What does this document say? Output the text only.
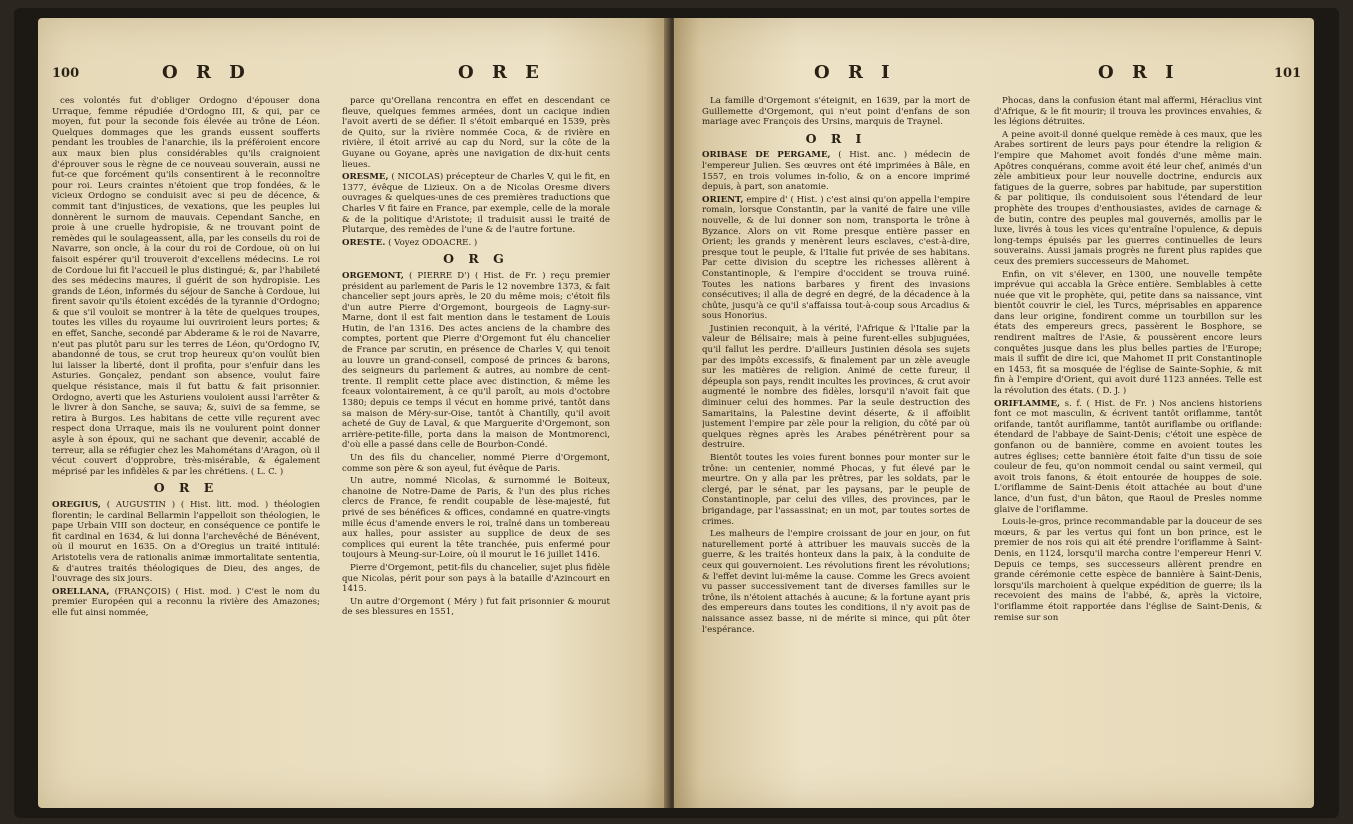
100	O R D	O R E

ces volontés fut d'obliger Ordogno d'épouser dona Urraque, femme répudiée d'Ordogno III, & qui, par ce moyen, fut pour la seconde fois élevée au trône de Léon. Quelques dommages que les grands eussent soufferts pendant les troubles de l'anarchie, ils la préféroient encore aux maux bien plus considérables qu'ils craignoient d'éprouver sous le règne de ce nouveau souverain, aussi ne fut-ce que forcément qu'ils consentirent à le reconnoître pour roi. Leurs craintes n'étoient que trop fondées, & le vicieux Ordogno se conduisit avec si peu de décence, & commit tant d'injustices, de vexations, que les peuples lui donnèrent le surnom de mauvais. Cependant Sanche, en proie à une cruelle hydropisie, & ne trouvant point de remèdes qui le soulageassent, alla, par les conseils du roi de Navarre, son oncle, à la cour du roi de Cordoue, où on lui faisoit espérer qu'il trouveroit d'excellens médecins. Le roi de Cordoue lui fit l'accueil le plus distingué; &, par l'habileté des ses médecins maures, il guérit de son hydropisie. Les grands de Léon, informés du séjour de Sanche à Cordoue, lui firent savoir qu'ils étoient excédés de la tyrannie d'Ordogno; & que s'il vouloit se montrer à la tête de quelques troupes, toutes les villes du royaume lui ouvriroient leurs portes; & en effet, Sanche, secondé par Abderame & le roi de Navarre, n'eut pas plutôt paru sur les terres de Léon, qu'Ordogno IV, abandonné de tous, se crut trop heureux qu'on voulût bien lui laisser la liberté, dont il profita, pour s'enfuir dans les Asturies. Gonçalez, pendant son absence, voulut faire quelque résistance, mais il fut battu & fait prisonnier. Ordogno, averti que les Asturiens vouloient aussi l'arrêter & le livrer à don Sanche, se sauva; &, suivi de sa femme, se retira à Burgos. Les habitans de cette ville reçurent avec respect dona Urraque, mais ils ne voulurent point donner asyle à son époux, qui ne sachant que devenir, accablé de terreur, alla se réfugier chez les Mahométans d'Aragon, où il vécut couvert d'opprobre, très-misérable, & également méprisé par les infidèles & par les chrétiens. ( L. C. )

O R E

OREGIUS, ( AUGUSTIN ) ( Hist. litt. mod. ) théologien florentin; le cardinal Bellarmin l'appelloit son théologien, le pape Urbain VIII son docteur, en conséquence ce pontife le fit cardinal en 1634, & lui donna l'archevêché de Bénévent, où il mourut en 1635. On a d'Oregius un traité intitulé: Aristotelis vera de rationalis animæ immortalitate sententia, & d'autres traités théologiques de Dieu, des anges, de l'ouvrage des six jours.

ORELLANA, (FRANÇOIS) ( Hist. mod. ) C'est le nom du premier Européen qui a reconnu la rivière des Amazones; elle fut ainsi nommée,

parce qu'Orellana rencontra en effet en descendant ce fleuve, quelques femmes armées, dont un cacique indien l'avoit averti de se défier. Il s'étoit embarqué en 1539, près de Quito, sur la rivière nommée Coca, & de rivière en rivière, il étoit arrivé au cap du Nord, sur la côte de la Guyane ou Goyane, après une navigation de dix-huit cents lieues.

ORESME, ( NICOLAS) précepteur de Charles V, qui le fit, en 1377, évêque de Lizieux. On a de Nicolas Oresme divers ouvrages & quelques-unes de ces premières traductions que Charles V fit faire en France, par exemple, celle de la morale & de la politique d'Aristote; il traduisit aussi le traité de Plutarque, des remèdes de l'une & de l'autre fortune.

ORESTE. ( Voyez ODOACRE. )

O R G

ORGEMONT, ( PIERRE D') ( Hist. de Fr. ) reçu premier président au parlement de Paris le 12 novembre 1373, & fait chancelier sept jours après, le 20 du même mois; c'étoit fils d'un autre Pierre d'Orgemont, bourgeois de Lagny-sur-Marne, dont il est fait mention dans le testament de Louis Hutin, de l'an 1316. Des actes anciens de la chambre des comptes, portent que Pierre d'Orgemont fut élu chancelier de France par scrutin, en présence de Charles V, qui tenoit au louvre un grand-conseil, composé de princes & barons, des seigneurs du parlement & autres, au nombre de cent-trente. Il remplit cette place avec distinction, & même les fceaux volontairement, à ce qu'il paroît, au mois d'octobre 1380; depuis ce temps il vécut en homme privé, tantôt dans sa maison de Méry-sur-Oise, tantôt à Chantilly, qu'il avoit acheté de Guy de Laval, & que Marguerite d'Orgemont, son arrière-petite-fille, porta dans la maison de Montmorenci, d'où elle a passé dans celle de Bourbon-Condé.

Un des fils du chancelier, nommé Pierre d'Orgemont, comme son père & son ayeul, fut évêque de Paris.

Un autre, nommé Nicolas, & surnommé le Boiteux, chanoine de Notre-Dame de Paris, & l'un des plus riches clercs de France, fe rendit coupable de lèse-majesté, fut privé de ses bénéfices & offices, condamné en quatre-vingts mille écus d'amende envers le roi, traîné dans un tombereau aux halles, pour assister au supplice de deux de ses complices qui eurent la tête tranchée, puis enfermé pour toujours à Meung-sur-Loire, où il mourut le 16 juillet 1416.

Pierre d'Orgemont, petit-fils du chancelier, sujet plus fidèle que Nicolas, périt pour son pays à la bataille d'Azincourt en 1415.

Un autre d'Orgemont ( Méry ) fut fait prisonnier & mourut de ses blessures en 1551,

O R I	O R I	101

La famille d'Orgemont s'éteignit, en 1639, par la mort de Guillemette d'Orgemont, qui n'eut point d'enfans de son mariage avec François des Ursins, marquis de Traynel.

O R I

ORIBASE DE PERGAME, ( Hist. anc. ) médecin de l'empereur Julien. Ses œuvres ont été imprimées à Bâle, en 1557, en trois volumes in-folio, & on a encore imprimé depuis, à part, son anatomie.

ORIENT, empire d' ( Hist. ) c'est ainsi qu'on appella l'empire romain, lorsque Constantin, par la vanité de faire une ville nouvelle, & de lui donner son nom, transporta le trône à Byzance. Alors on vit Rome presque entière passer en Orient; les grands y menèrent leurs esclaves, c'est-à-dire, presque tout le peuple, & l'Italie fut privée de ses habitans. Par cette division du sceptre les richesses allèrent à Constantinople, & l'empire d'occident se trouva ruiné. Toutes les nations barbares y firent des invasions consécutives; il alla de degré en degré, de la décadence à la chûte, jusqu'à ce qu'il s'affaissa tout-à-coup sous Arcadius & sous Honorius.

Justinien reconquit, à la vérité, l'Afrique & l'Italie par la valeur de Bélisaire; mais à peine furent-elles subjuguées, qu'il fallut les perdre. D'ailleurs Justinien désola ses sujets par des impôts excessifs, & finalement par un zèle aveugle sur les matières de religion. Animé de cette fureur, il dépeupla son pays, rendit incultes les provinces, & crut avoir augmenté le nombre des fidèles, lorsqu'il n'avoit fait que diminuer celui des hommes. Par la seule destruction des Samaritains, la Palestine devint déserte, & il affoiblit justement l'empire par zèle pour la religion, du côté par où quelques règnes après les Arabes pénétrèrent pour sa destruire.

Bientôt toutes les voies furent bonnes pour monter sur le trône: un centenier, nommé Phocas, y fut élevé par le meurtre. On y alla par les prêtres, par les soldats, par le clergé, par le sénat, par les paysans, par le peuple de Constantinople, par celui des villes, des provinces, par le brigandage, par l'assassinat; en un mot, par toutes sortes de crimes.

Les malheurs de l'empire croissant de jour en jour, on fut naturellement porté à attribuer les mauvais succès de la guerre, & les traités honteux dans la paix, à la conduite de ceux qui gouvernoient. Les révolutions firent les révolutions; & l'effet devint lui-même la cause. Comme les Grecs avoient vu passer successivement tant de diverses familles sur le trône, ils n'étoient attachés à aucune; & la fortune ayant pris des empereurs dans toutes les conditions, il n'y avoit pas de naissance assez basse, ni de mérite si mince, qui pût ôter l'espérance.

Phocas, dans la confusion étant mal affermi, Héraclius vint d'Afrique, & le fit mourir; il trouva les provinces envahies, & les légions détruites.

A peine avoit-il donné quelque remède à ces maux, que les Arabes sortirent de leurs pays pour étendre la religion & l'empire que Mahomet avoit fondés d'une même main. Apôtres conquérans, comme avoit été leur chef, animés d'un zèle ambitieux pour leur nouvelle doctrine, endurcis aux fatigues de la guerre, sobres par habitude, par superstition & par politique, ils conduisoient sous l'étendard de leur prophète des troupes d'enthousiastes, avides de carnage & de butin, contre des peuples mal gouvernés, amollis par le luxe, livrés à tous les vices qu'entraîne l'opulence, & depuis long-temps épuisés par les guerres continuelles de leurs souverains. Aussi jamais progrès ne furent plus rapides que ceux des premiers successeurs de Mahomet.

Enfin, on vit s'élever, en 1300, une nouvelle tempête imprévue qui accabla la Grèce entière. Semblables à cette nuée que vit le prophète, qui, petite dans sa naissance, vint bientôt couvrir le ciel, les Turcs, méprisables en apparence dans leur origine, fondirent comme un tourbillon sur les états des empereurs grecs, passèrent le Bosphore, se rendirent maîtres de l'Asie, & poussèrent encore leurs conquêtes jusque dans les plus belles parties de l'Europe; mais il suffit de dire ici, que Mahomet II prit Constantinople en 1453, fit sa mosquée de l'église de Sainte-Sophie, & mit fin à l'empire d'Orient, qui avoit duré 1123 années. Telle est la révolution des états. ( D. J. )

ORIFLAMME, s. f. ( Hist. de Fr. ) Nos anciens historiens font ce mot masculin, & écrivent tantôt oriflamme, tantôt orifande, tantôt auriflamme, tantôt auriflambe ou oriflande: étendard de l'abbaye de Saint-Denis; c'étoit une espèce de gonfanon ou de bannière, comme en avoient toutes les autres églises; cette bannière étoit faite d'un tissu de soie couleur de feu, qu'on nommoit cendal ou saint vermeil, qui avoit trois fanons, & étoit entourée de houppes de soie. L'oriflamme de Saint-Denis étoit attachée au bout d'une lance, d'un fust, d'un bâton, que Raoul de Presles nomme glaive de l'oriflamme.

Louis-le-gros, prince recommandable par la douceur de ses mœurs, & par les vertus qui font un bon prince, est le premier de nos rois qui ait été prendre l'oriflamme à Saint-Denis, en 1124, lorsqu'il marcha contre l'empereur Henri V. Depuis ce temps, ses successeurs allèrent prendre en grande cérémonie cette espèce de bannière à Saint-Denis, lorsqu'ils marchoient à quelque expédition de guerre; ils la recevoient des mains de l'abbé, &, après la victoire, l'oriflamme étoit rapportée dans l'église de Saint-Denis, & remise sur son
